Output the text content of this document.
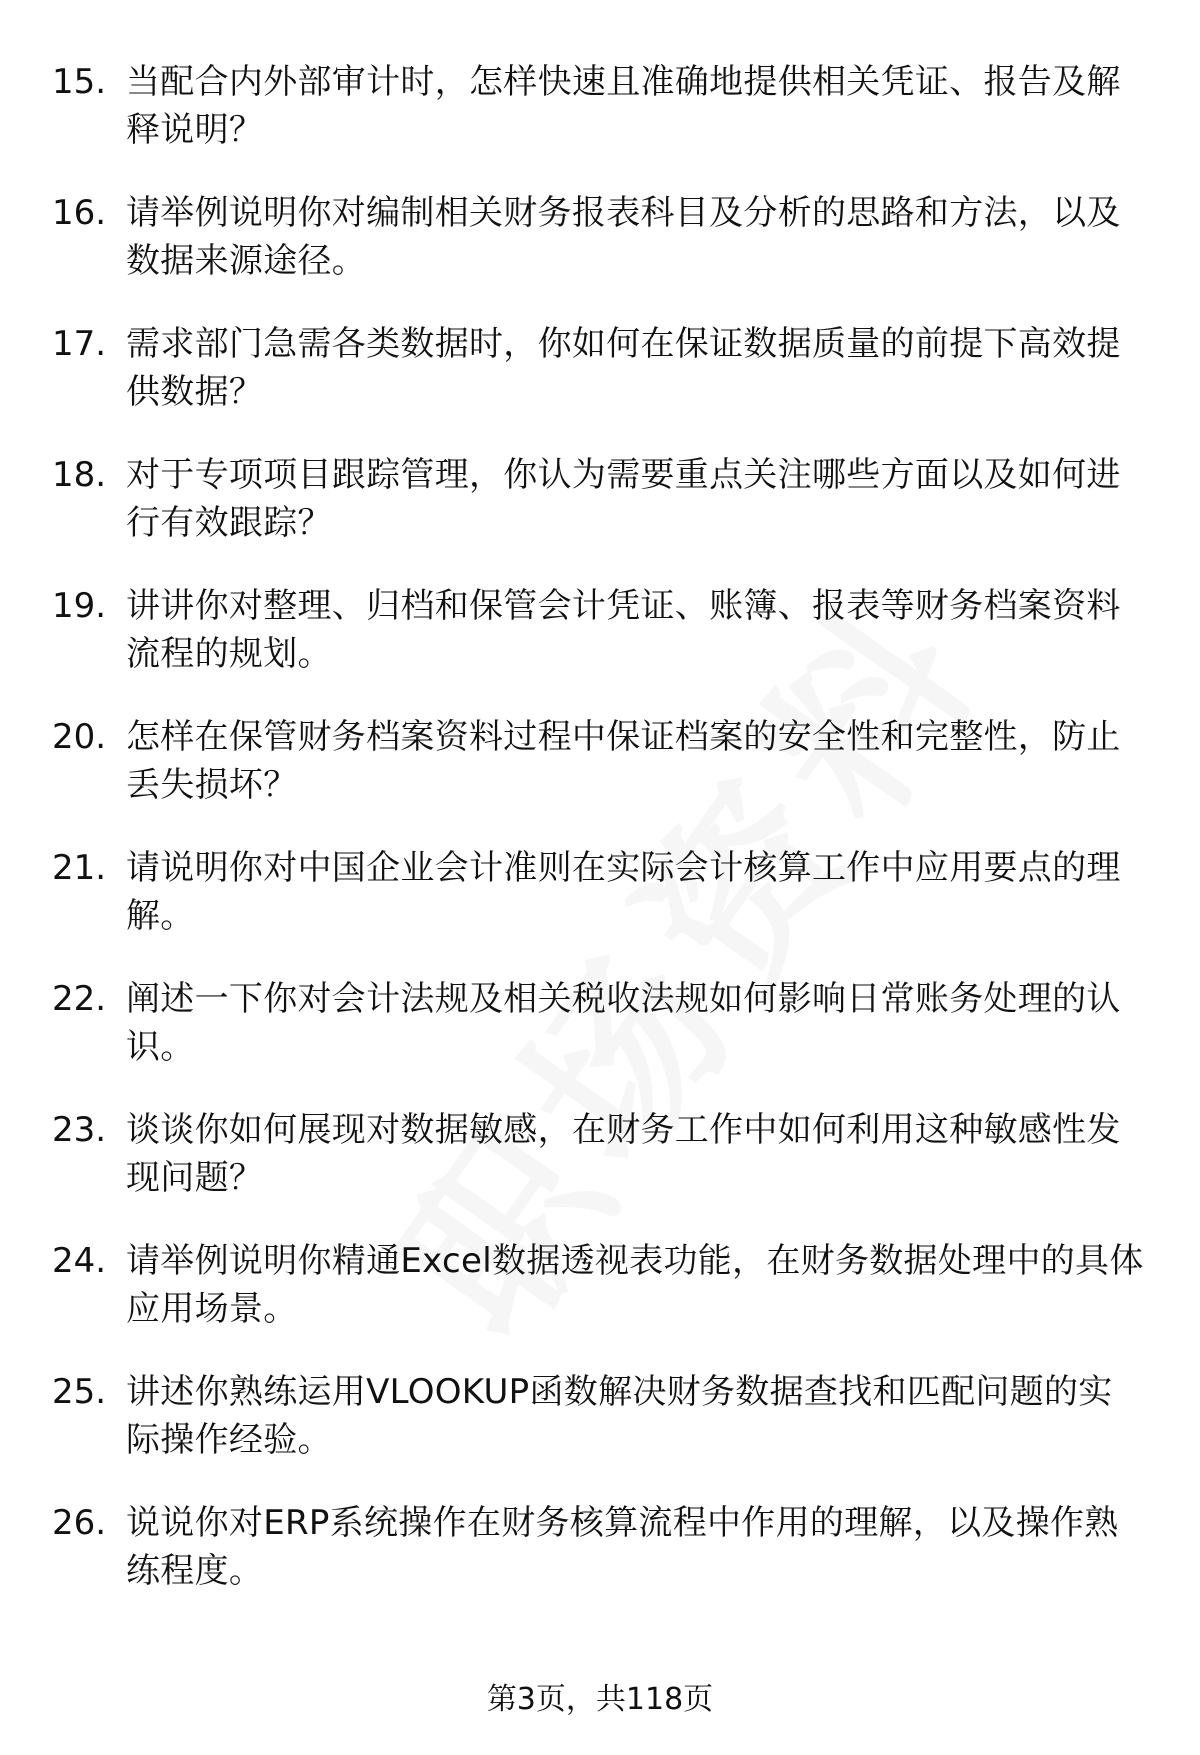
15. 当配合内外部审计时，怎样快速且准确地提供相关凭证、报告及解释说明？
16. 请举例说明你对编制相关财务报表科目及分析的思路和方法，以及数据来源途径。
17. 需求部门急需各类数据时，你如何在保证数据质量的前提下高效提供数据？
18. 对于专项项目跟踪管理，你认为需要重点关注哪些方面以及如何进行有效跟踪？
19. 讲讲你对整理、归档和保管会计凭证、账簿、报表等财务档案资料流程的规划。
20. 怎样在保管财务档案资料过程中保证档案的安全性和完整性，防止丢失损坏？
21. 请说明你对中国企业会计准则在实际会计核算工作中应用要点的理解。
22. 阐述一下你对会计法规及相关税收法规如何影响日常账务处理的认识。
23. 谈谈你如何展现对数据敏感，在财务工作中如何利用这种敏感性发现问题？
24. 请举例说明你精通Excel数据透视表功能，在财务数据处理中的具体应用场景。
25. 讲述你熟练运用VLOOKUP函数解决财务数据查找和匹配问题的实际操作经验。
26. 说说你对ERP系统操作在财务核算流程中作用的理解，以及操作熟练程度。
第3页，共118页
